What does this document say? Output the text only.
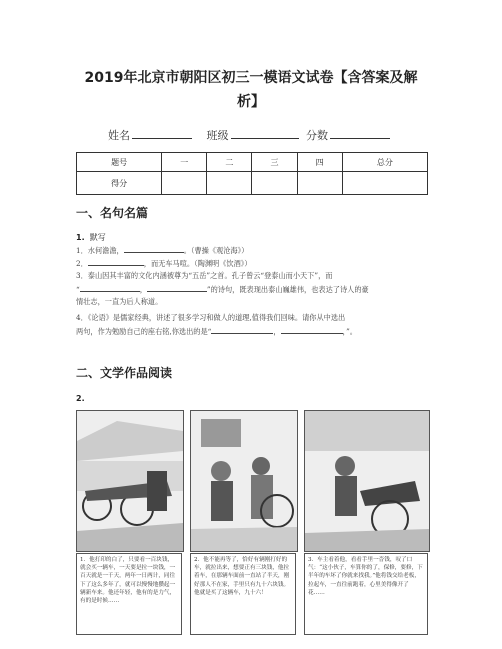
2019年北京市朝阳区初三一模语文试卷【含答案及解
析】
姓名	班级	分数
题号	一	二	三	四	总分
得分					
一、名句名篇
1. 默写
1．水何澹澹，	。（曹操《观沧海》）
2．	，而无车马喧。（陶渊明《饮酒》）
3．泰山因其丰富的文化内涵被尊为“五岳”之首。孔子曾云“登泰山而小天下”，而
“	，	”的诗句，既表现出泰山巍雄伟，也表达了诗人的豪
情壮志，一直为后人称道。
4．《论语》是儒家经典，讲述了很多学习和做人的道理,值得我们回味。请你从中选出
两句，作为勉励自己的座右铭,你选出的是“	，	，”。
二、文学作品阅读
2.
1．他打印的白了，只要看一百块钱，就会买一辆车，一天要是拉一块钱，一百天就是一千天，两年一日两计，同往下了这么多年了，就可以慢慢地攒起一辆新车来。他还年轻，他有的是力气，有的是时候……
2．他不能再等了，恰好有辆刚打好的车，就拉出来，想要正有三块钱，他拉着车，在那辆车面前一直站了半天，刚好那人不在家，手里只有九十六块钱。他就是买了这辆车，九十六！
3．车主看着他，看看手里一沓钱，叹了口气：“这小伙子，车算你的了，保修，要修，下半年的车坏了你就来找我。”他将钱交给老板，拉起车，一直往前跑着，心里美得像开了花……
